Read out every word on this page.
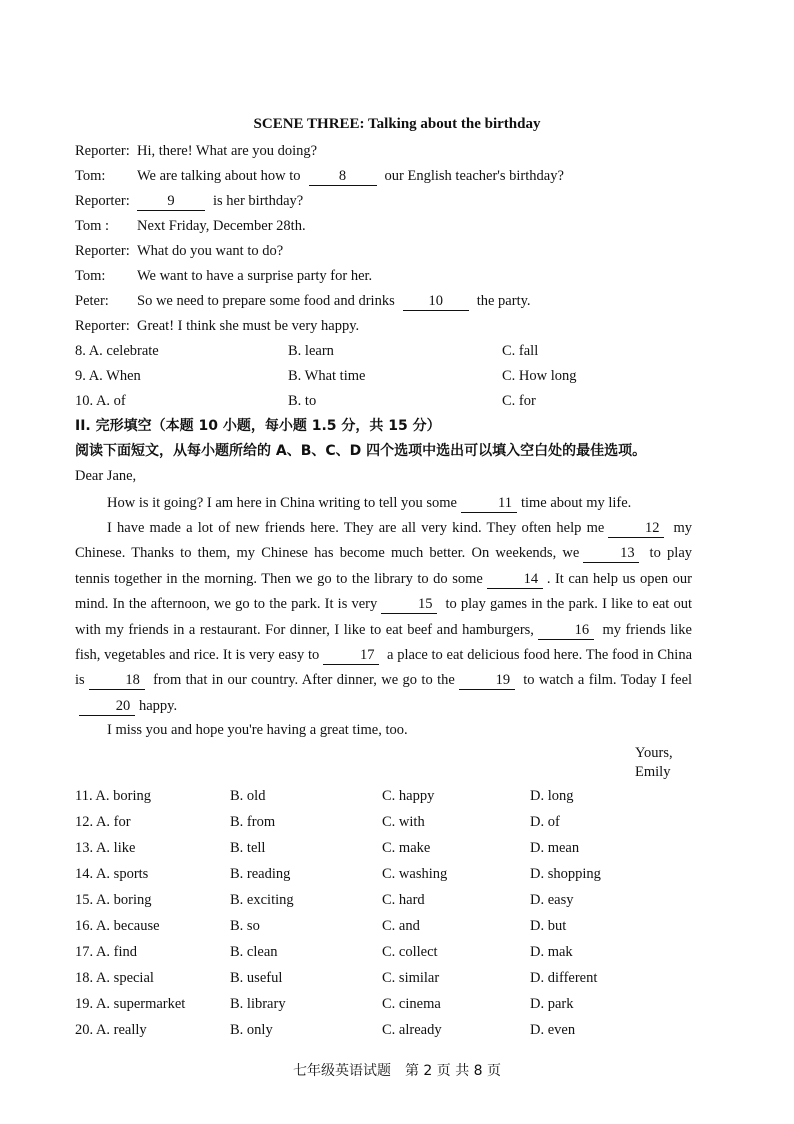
SCENE THREE: Talking about the birthday
Reporter: Hi, there! What are you doing?
Tom: We are talking about how to	8	our English teacher's birthday?
Reporter:	9	is her birthday?
Tom : Next Friday, December 28th.
Reporter: What do you want to do?
Tom: We want to have a surprise party for her.
Peter: So we need to prepare some food and drinks 10 the party.
Reporter: Great! I think she must be very happy.
8. A. celebrate	B. learn	C. fall
9. A. When	B. What time	C. How long
10. A. of	B. to	C. for
II. 完形填空（本题 10 小题，每小题 1.5 分，共 15 分）
阅读下面短文，从每小题所给的 A、B、C、D 四个选项中选出可以填入空白处的最佳选项。
Dear Jane,
How is it going? I am here in China writing to tell you some	11 time about my life.
I have made a lot of new friends here. They are all very kind. They often help me	12 my Chinese. Thanks to them, my Chinese has become much better. On weekends, we	13 to play tennis together in the morning. Then we go to the library to do some	14 . It can help us open our mind. In the afternoon, we go to the park. It is very	15 to play games in the park. I like to eat out with my friends in a restaurant. For dinner, I like to eat beef and hamburgers,	16 my friends like fish, vegetables and rice. It is very easy to	17 a place to eat delicious food here. The food in China is	18 from that in our country. After dinner, we go to the	19 to watch a film. Today I feel20 happy.
I miss you and hope you're having a great time, too.
Yours,
Emily
11. A. boring	B. old	C. happy	D. long
12. A. for	B. from	C. with	D. of
13. A. like	B. tell	C. make	D. mean
14. A. sports	B. reading	C. washing	D. shopping
15. A. boring	B. exciting	C. hard	D. easy
16. A. because	B. so	C. and	D. but
17. A. find	B. clean	C. collect	D. mak
18. A. special	B. useful	C. similar	D. different
19. A. supermarket	B. library	C. cinema	D. park
20. A. really	B. only	C. already	D. even
七年级英语试题　第 2 页 共 8 页
